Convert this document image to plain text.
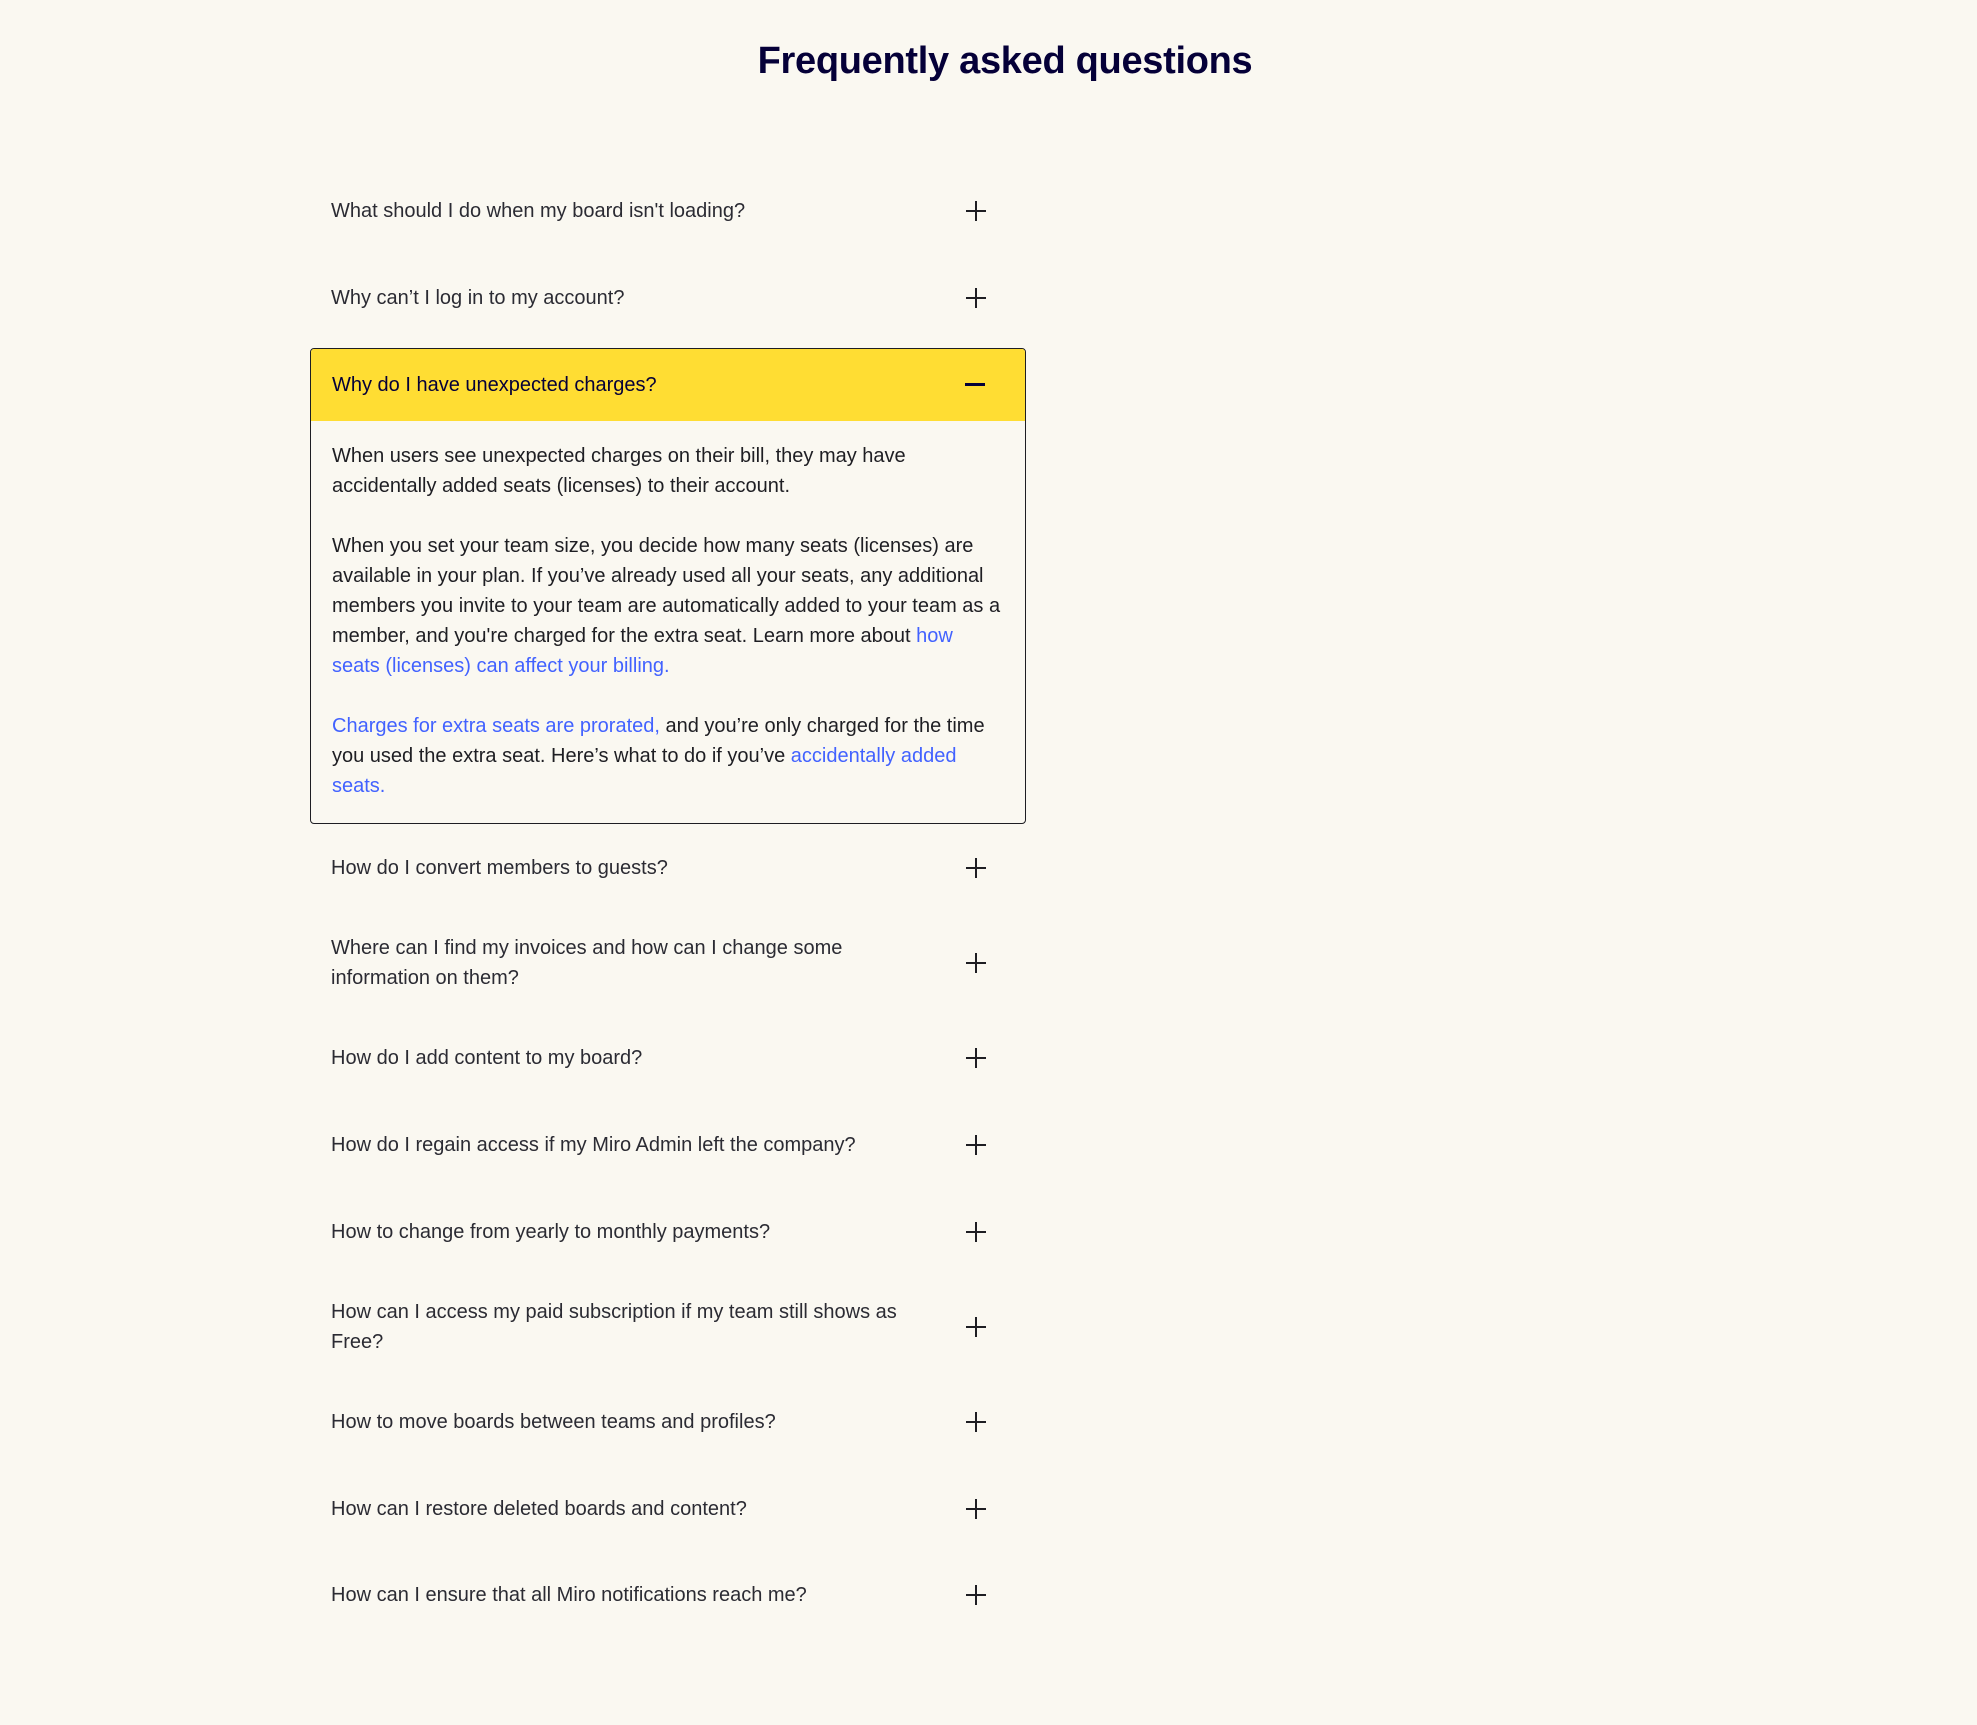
Frequently asked questions
What should I do when my board isn't loading?
Why can’t I log in to my account?
Why do I have unexpected charges?

When users see unexpected charges on their bill, they may have accidentally added seats (licenses) to their account.

When you set your team size, you decide how many seats (licenses) are available in your plan. If you’ve already used all your seats, any additional members you invite to your team are automatically added to your team as a member, and you're charged for the extra seat. Learn more about how seats (licenses) can affect your billing.

Charges for extra seats are prorated, and you’re only charged for the time you used the extra seat. Here’s what to do if you’ve accidentally added seats.

How do I convert members to guests?
Where can I find my invoices and how can I change some information on them?
How do I add content to my board?
How do I regain access if my Miro Admin left the company?
How to change from yearly to monthly payments?
How can I access my paid subscription if my team still shows as Free?
How to move boards between teams and profiles?
How can I restore deleted boards and content?
How can I ensure that all Miro notifications reach me?
